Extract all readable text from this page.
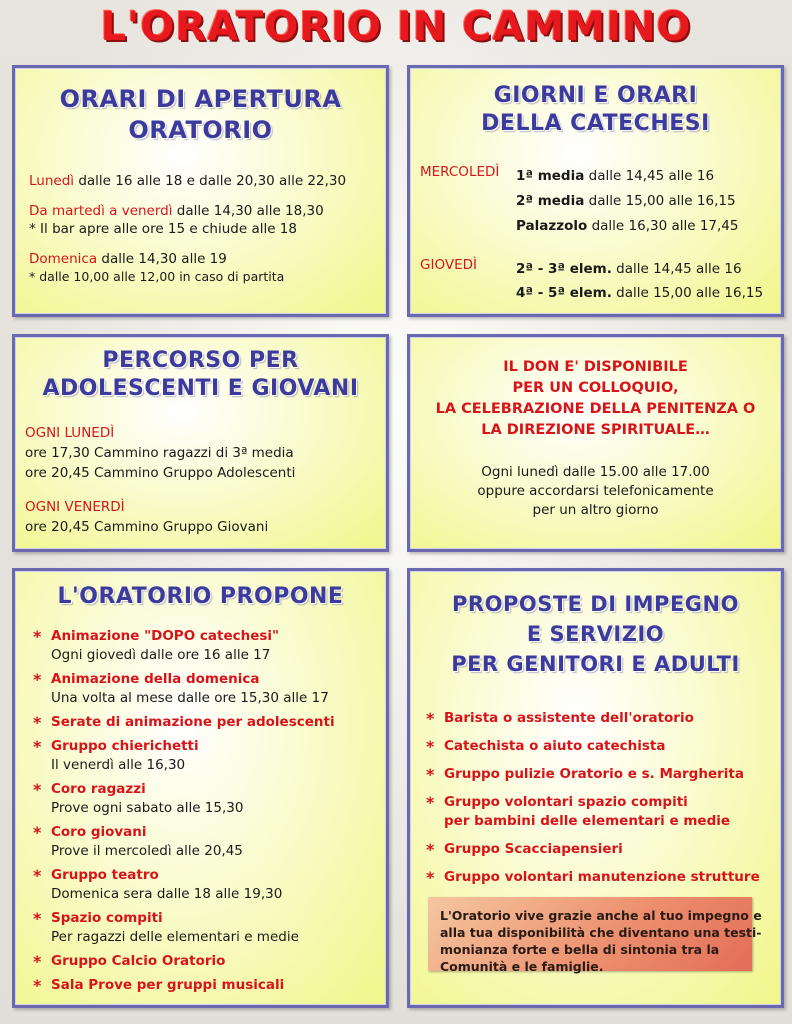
L'ORATORIO IN CAMMINO
ORARI DI APERTURA
ORATORIO
Lunedì dalle 16 alle 18 e dalle 20,30 alle 22,30
Da martedì a venerdì dalle 14,30 alle 18,30
* Il bar apre alle ore 15 e chiude alle 18
Domenica dalle 14,30 alle 19
* dalle 10,00 alle 12,00 in caso di partita
GIORNI E ORARI
DELLA CATECHESI
MERCOLEDÌ 1ª media dalle 14,45 alle 16
2ª media dalle 15,00 alle 16,15
Palazzolo dalle 16,30 alle 17,45
GIOVEDÌ	2ª - 3ª elem. dalle 14,45 alle 16
4ª - 5ª elem. dalle 15,00 alle 16,15
PERCORSO PER
ADOLESCENTI E GIOVANI
OGNI LUNEDÌ
ore 17,30 Cammino ragazzi di 3ª media
ore 20,45 Cammino Gruppo Adolescenti
OGNI VENERDÌ
ore 20,45 Cammino Gruppo Giovani
IL DON E' DISPONIBILE
PER UN COLLOQUIO,
LA CELEBRAZIONE DELLA PENITENZA O
LA DIREZIONE SPIRITUALE…
Ogni lunedì dalle 15.00 alle 17.00
oppure accordarsi telefonicamente
per un altro giorno
L'ORATORIO PROPONE
* Animazione "DOPO catechesi"
Ogni giovedì dalle ore 16 alle 17
* Animazione della domenica
Una volta al mese dalle ore 15,30 alle 17
* Serate di animazione per adolescenti
* Gruppo chierichetti
Il venerdì alle 16,30
* Coro ragazzi
Prove ogni sabato alle 15,30
* Coro giovani
Prove il mercoledì alle 20,45
* Gruppo teatro
Domenica sera dalle 18 alle 19,30
* Spazio compiti
Per ragazzi delle elementari e medie
* Gruppo Calcio Oratorio
* Sala Prove per gruppi musicali
PROPOSTE DI IMPEGNO
E SERVIZIO
PER GENITORI E ADULTI
* Barista o assistente dell'oratorio
* Catechista o aiuto catechista
* Gruppo pulizie Oratorio e s. Margherita
* Gruppo volontari spazio compiti
per bambini delle elementari e medie
* Gruppo Scacciapensieri
* Gruppo volontari manutenzione strutture
L'Oratorio vive grazie anche al tuo impegno e
alla tua disponibilità che diventano una testi-
monianza forte e bella di sintonia tra la
Comunità e le famiglie.
